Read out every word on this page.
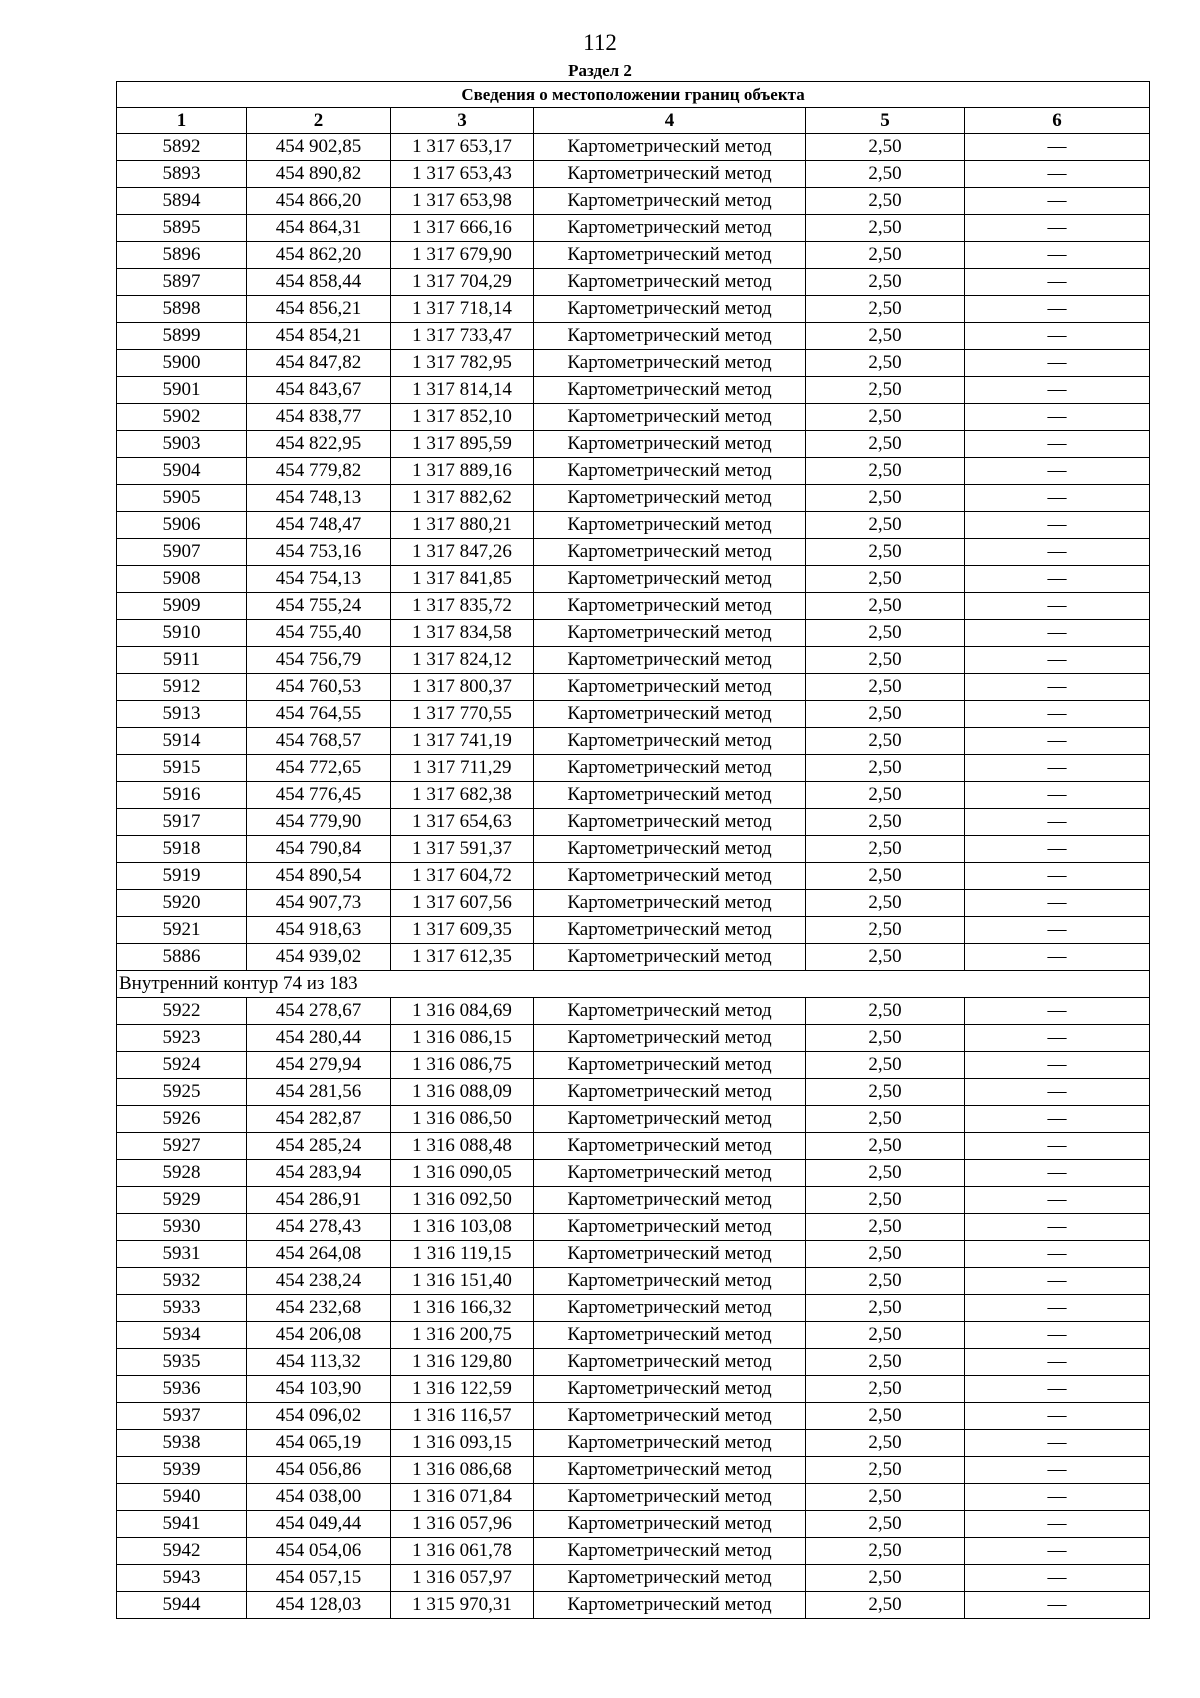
112
Раздел 2
Сведения о местоположении границ объекта					
1	2	3	4	5	6
5892	454 902,85	1 317 653,17	Картометрический метод	2,50	—
5893	454 890,82	1 317 653,43	Картометрический метод	2,50	—
5894	454 866,20	1 317 653,98	Картометрический метод	2,50	—
5895	454 864,31	1 317 666,16	Картометрический метод	2,50	—
5896	454 862,20	1 317 679,90	Картометрический метод	2,50	—
5897	454 858,44	1 317 704,29	Картометрический метод	2,50	—
5898	454 856,21	1 317 718,14	Картометрический метод	2,50	—
5899	454 854,21	1 317 733,47	Картометрический метод	2,50	—
5900	454 847,82	1 317 782,95	Картометрический метод	2,50	—
5901	454 843,67	1 317 814,14	Картометрический метод	2,50	—
5902	454 838,77	1 317 852,10	Картометрический метод	2,50	—
5903	454 822,95	1 317 895,59	Картометрический метод	2,50	—
5904	454 779,82	1 317 889,16	Картометрический метод	2,50	—
5905	454 748,13	1 317 882,62	Картометрический метод	2,50	—
5906	454 748,47	1 317 880,21	Картометрический метод	2,50	—
5907	454 753,16	1 317 847,26	Картометрический метод	2,50	—
5908	454 754,13	1 317 841,85	Картометрический метод	2,50	—
5909	454 755,24	1 317 835,72	Картометрический метод	2,50	—
5910	454 755,40	1 317 834,58	Картометрический метод	2,50	—
5911	454 756,79	1 317 824,12	Картометрический метод	2,50	—
5912	454 760,53	1 317 800,37	Картометрический метод	2,50	—
5913	454 764,55	1 317 770,55	Картометрический метод	2,50	—
5914	454 768,57	1 317 741,19	Картометрический метод	2,50	—
5915	454 772,65	1 317 711,29	Картометрический метод	2,50	—
5916	454 776,45	1 317 682,38	Картометрический метод	2,50	—
5917	454 779,90	1 317 654,63	Картометрический метод	2,50	—
5918	454 790,84	1 317 591,37	Картометрический метод	2,50	—
5919	454 890,54	1 317 604,72	Картометрический метод	2,50	—
5920	454 907,73	1 317 607,56	Картометрический метод	2,50	—
5921	454 918,63	1 317 609,35	Картометрический метод	2,50	—
5886	454 939,02	1 317 612,35	Картометрический метод	2,50	—
Внутренний контур 74 из 183					
5922	454 278,67	1 316 084,69	Картометрический метод	2,50	—
5923	454 280,44	1 316 086,15	Картометрический метод	2,50	—
5924	454 279,94	1 316 086,75	Картометрический метод	2,50	—
5925	454 281,56	1 316 088,09	Картометрический метод	2,50	—
5926	454 282,87	1 316 086,50	Картометрический метод	2,50	—
5927	454 285,24	1 316 088,48	Картометрический метод	2,50	—
5928	454 283,94	1 316 090,05	Картометрический метод	2,50	—
5929	454 286,91	1 316 092,50	Картометрический метод	2,50	—
5930	454 278,43	1 316 103,08	Картометрический метод	2,50	—
5931	454 264,08	1 316 119,15	Картометрический метод	2,50	—
5932	454 238,24	1 316 151,40	Картометрический метод	2,50	—
5933	454 232,68	1 316 166,32	Картометрический метод	2,50	—
5934	454 206,08	1 316 200,75	Картометрический метод	2,50	—
5935	454 113,32	1 316 129,80	Картометрический метод	2,50	—
5936	454 103,90	1 316 122,59	Картометрический метод	2,50	—
5937	454 096,02	1 316 116,57	Картометрический метод	2,50	—
5938	454 065,19	1 316 093,15	Картометрический метод	2,50	—
5939	454 056,86	1 316 086,68	Картометрический метод	2,50	—
5940	454 038,00	1 316 071,84	Картометрический метод	2,50	—
5941	454 049,44	1 316 057,96	Картометрический метод	2,50	—
5942	454 054,06	1 316 061,78	Картометрический метод	2,50	—
5943	454 057,15	1 316 057,97	Картометрический метод	2,50	—
5944	454 128,03	1 315 970,31	Картометрический метод	2,50	—
